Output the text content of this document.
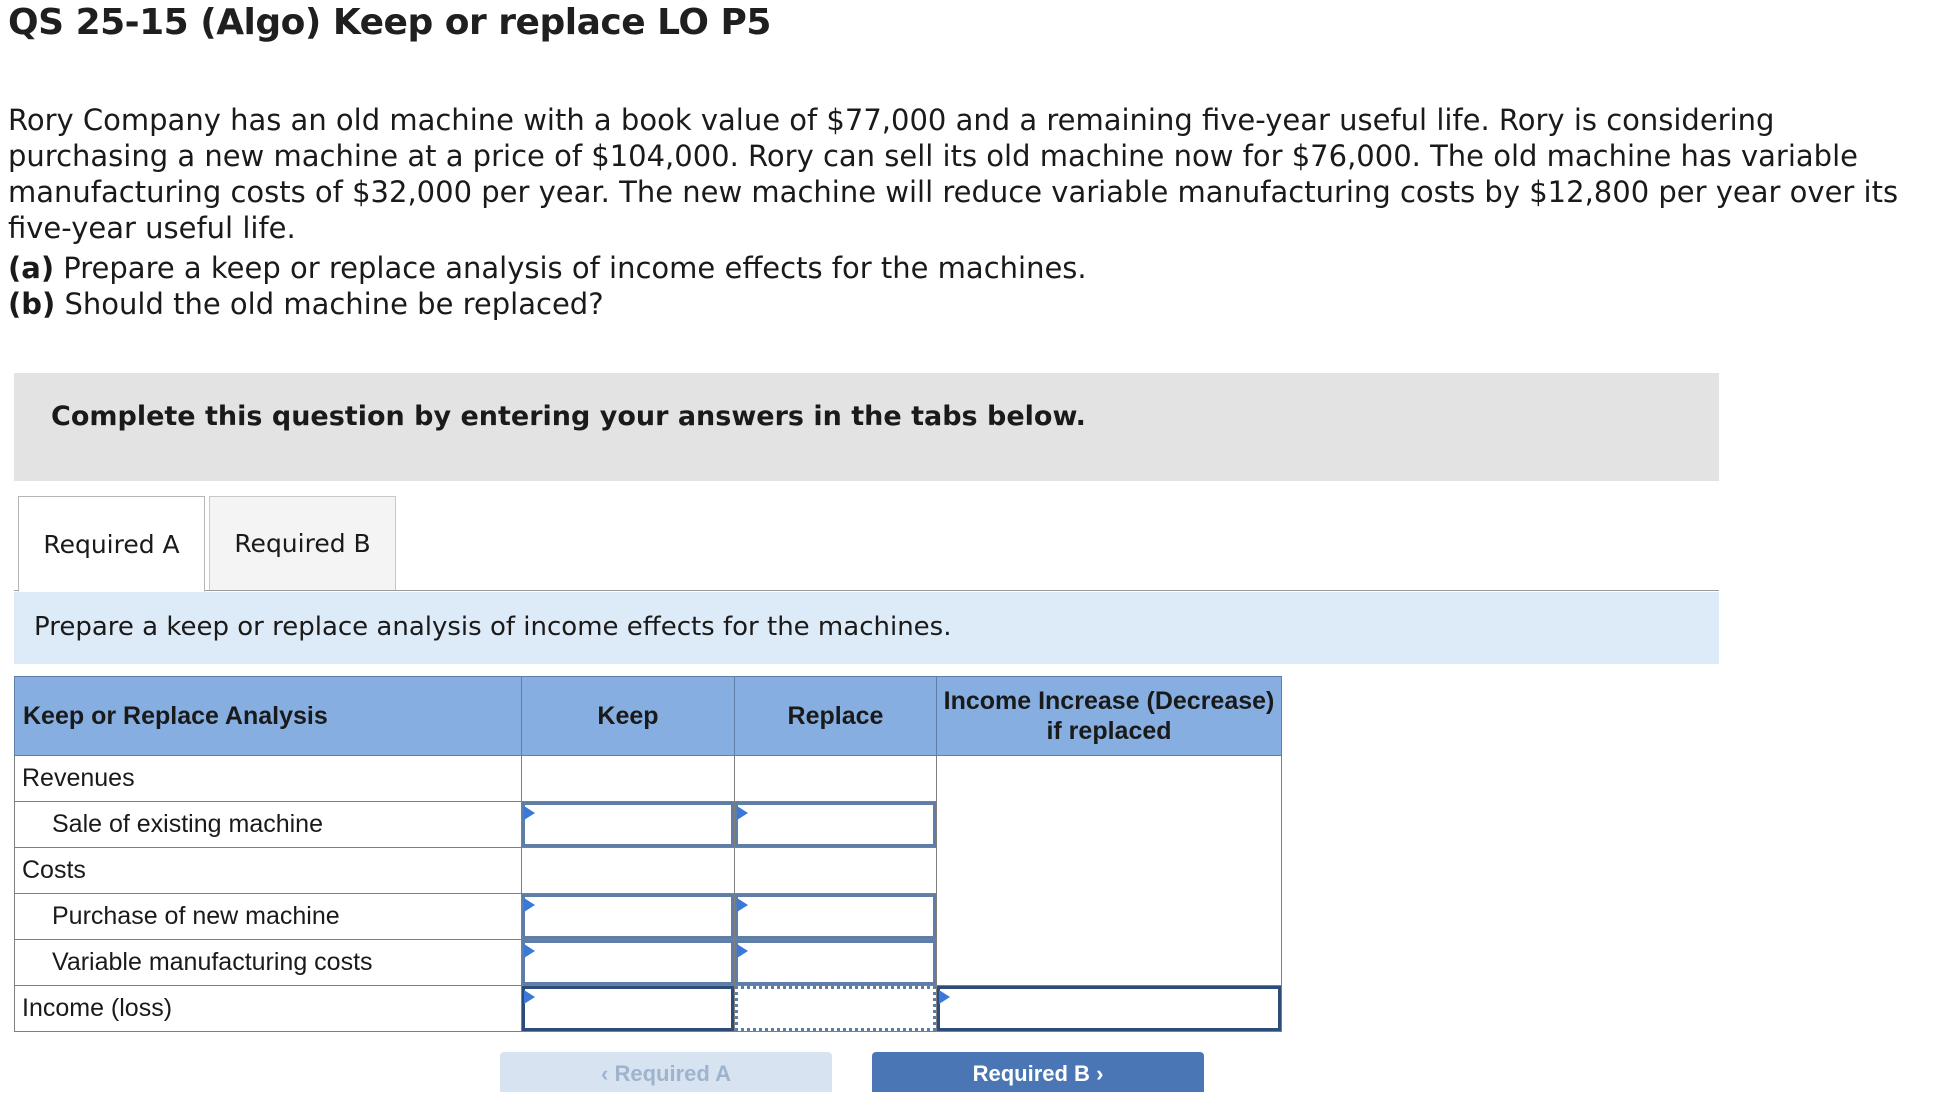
QS 25-15 (Algo) Keep or replace LO P5

Rory Company has an old machine with a book value of $77,000 and a remaining five-year useful life. Rory is considering purchasing a new machine at a price of $104,000. Rory can sell its old machine now for $76,000. The old machine has variable manufacturing costs of $32,000 per year. The new machine will reduce variable manufacturing costs by $12,800 per year over its five-year useful life.

(a) Prepare a keep or replace analysis of income effects for the machines.
(b) Should the old machine be replaced?
Complete this question by entering your answers in the tabs below.
Required A	Required B
Prepare a keep or replace analysis of income effects for the machines.
Keep or Replace Analysis	Keep	Replace	Income Increase (Decrease) if replaced
Revenues			
Sale of existing machine		

Costs			
Purchase of new machine		

Variable manufacturing costs		

Income (loss)	

‹ Required A	Required B ›
